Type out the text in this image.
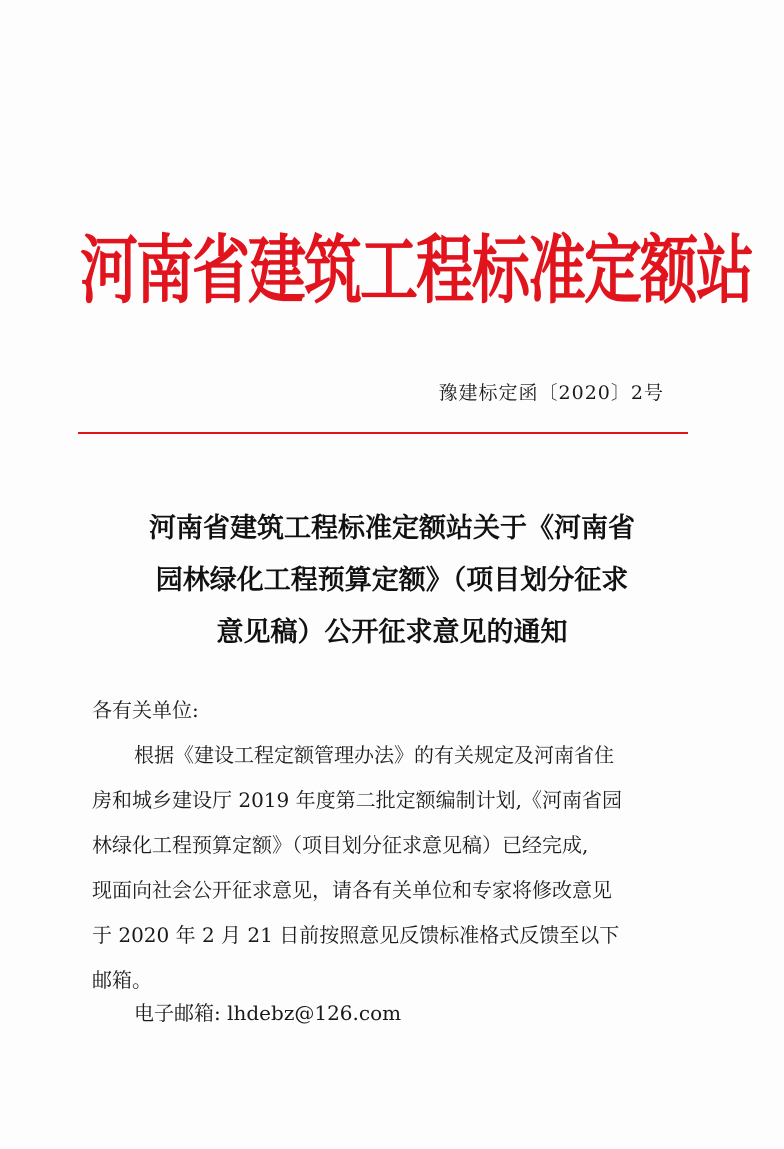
河南省建筑工程标准定额站
豫建标定函〔2020〕2号
河南省建筑工程标准定额站关于《河南省
园林绿化工程预算定额》（项目划分征求
意见稿）公开征求意见的通知
各有关单位:
根据《建设工程定额管理办法》的有关规定及河南省住
房和城乡建设厅 2019 年度第二批定额编制计划,《河南省园
林绿化工程预算定额》（项目划分征求意见稿）已经完成,
现面向社会公开征求意见，请各有关单位和专家将修改意见
于 2020 年 2 月 21 日前按照意见反馈标准格式反馈至以下
邮箱。
电子邮箱: lhdebz@126.com
